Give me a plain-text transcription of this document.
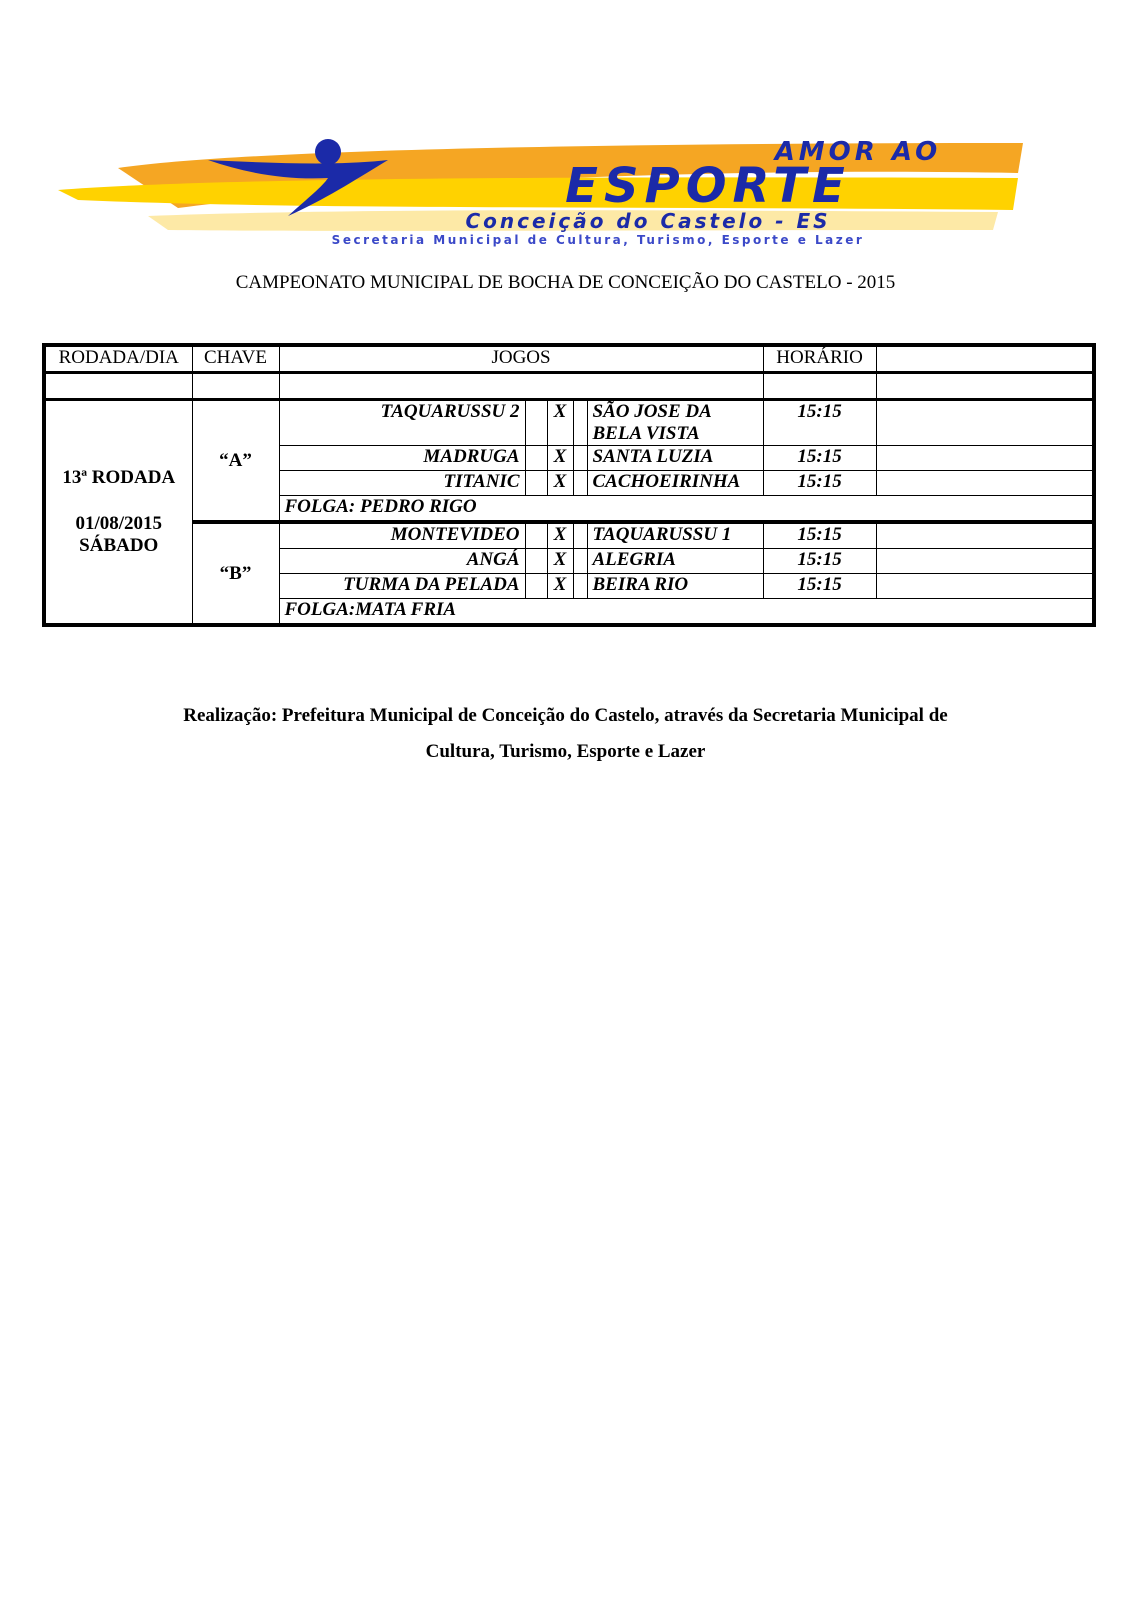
AMOR AO
ESPORTE
Conceição do Castelo - ES
Secretaria Municipal de Cultura, Turismo, Esporte e Lazer
CAMPEONATO MUNICIPAL DE BOCHA DE CONCEIÇÃO DO CASTELO - 2015
RODADA/DIA	CHAVE	JOGOS					HORÁRIO	

13ª RODADA
01/08/2015
SÁBADO	“A”	TAQUARUSSU 2		X		SÃO JOSE DA BELA VISTA	15:15	
		MADRUGA		X		SANTA LUZIA	15:15	
		TITANIC		X		CACHOEIRINHA	15:15	
		FOLGA: PEDRO RIGO						
	“B”	MONTEVIDEO		X		TAQUARUSSU 1	15:15	
		ANGÁ		X		ALEGRIA	15:15	
		TURMA DA PELADA		X		BEIRA RIO	15:15	
		FOLGA:MATA FRIA						
Realização: Prefeitura Municipal de Conceição do Castelo, através da Secretaria Municipal de
Cultura, Turismo, Esporte e Lazer
